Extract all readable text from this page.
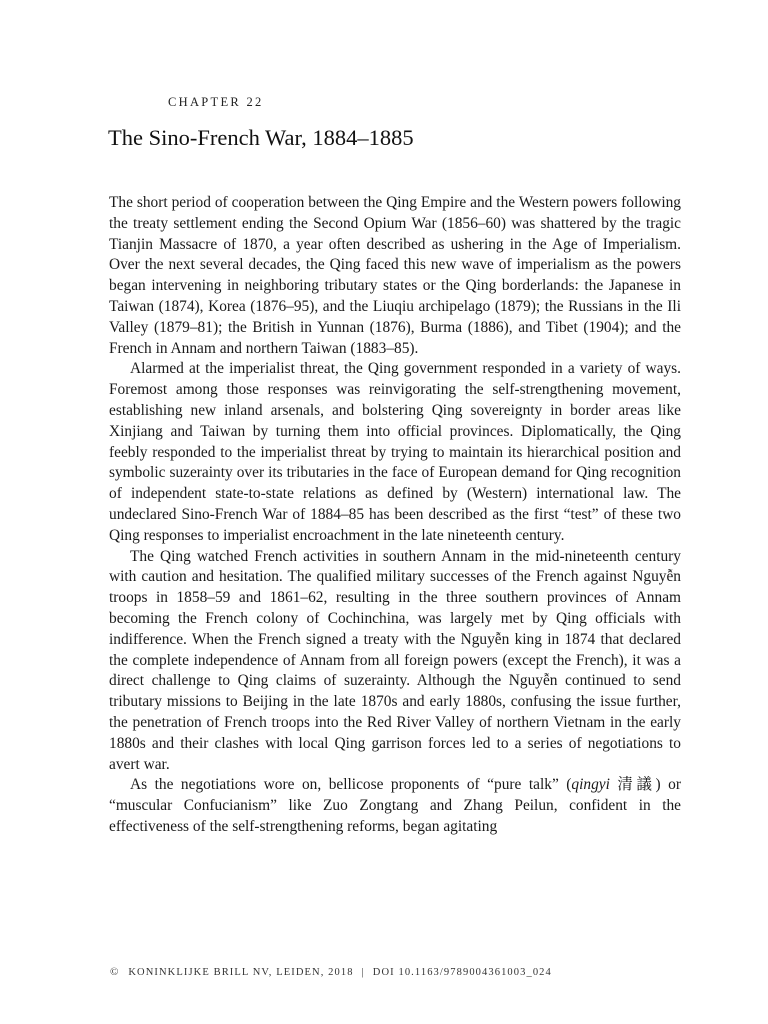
CHAPTER 22
The Sino-French War, 1884–1885

The short period of cooperation between the Qing Empire and the Western powers following the treaty settlement ending the Second Opium War (1856–60) was shattered by the tragic Tianjin Massacre of 1870, a year often described as ushering in the Age of Imperialism. Over the next several decades, the Qing faced this new wave of imperialism as the powers began intervening in neighboring tributary states or the Qing borderlands: the Japanese in Taiwan (1874), Korea (1876–95), and the Liuqiu archipelago (1879); the Russians in the Ili Valley (1879–81); the British in Yunnan (1876), Burma (1886), and Tibet (1904); and the French in Annam and northern Taiwan (1883–85).

Alarmed at the imperialist threat, the Qing government responded in a variety of ways. Foremost among those responses was reinvigorating the self-strengthening movement, establishing new inland arsenals, and bolstering Qing sovereignty in border areas like Xinjiang and Taiwan by turning them into official provinces. Diplomatically, the Qing feebly responded to the imperialist threat by trying to maintain its hierarchical position and symbolic suzerainty over its tributaries in the face of European demand for Qing recognition of independent state-to-state relations as defined by (Western) international law. The undeclared Sino-French War of 1884–85 has been described as the first “test” of these two Qing responses to imperialist encroachment in the late nineteenth century.

The Qing watched French activities in southern Annam in the mid-nineteenth century with caution and hesitation. The qualified military successes of the French against Nguyễn troops in 1858–59 and 1861–62, resulting in the three southern provinces of Annam becoming the French colony of Cochinchina, was largely met by Qing officials with indifference. When the French signed a treaty with the Nguyễn king in 1874 that declared the complete independence of Annam from all foreign powers (except the French), it was a direct challenge to Qing claims of suzerainty. Although the Nguyễn continued to send tributary missions to Beijing in the late 1870s and early 1880s, confusing the issue further, the penetration of French troops into the Red River Valley of northern Vietnam in the early 1880s and their clashes with local Qing garrison forces led to a series of negotiations to avert war.

As the negotiations wore on, bellicose proponents of “pure talk” (qingyi 清議) or “muscular Confucianism” like Zuo Zongtang and Zhang Peilun, confident in the effectiveness of the self-strengthening reforms, began agitating

© KONINKLIJKE BRILL NV, LEIDEN, 2018 | DOI 10.1163/9789004361003_024
